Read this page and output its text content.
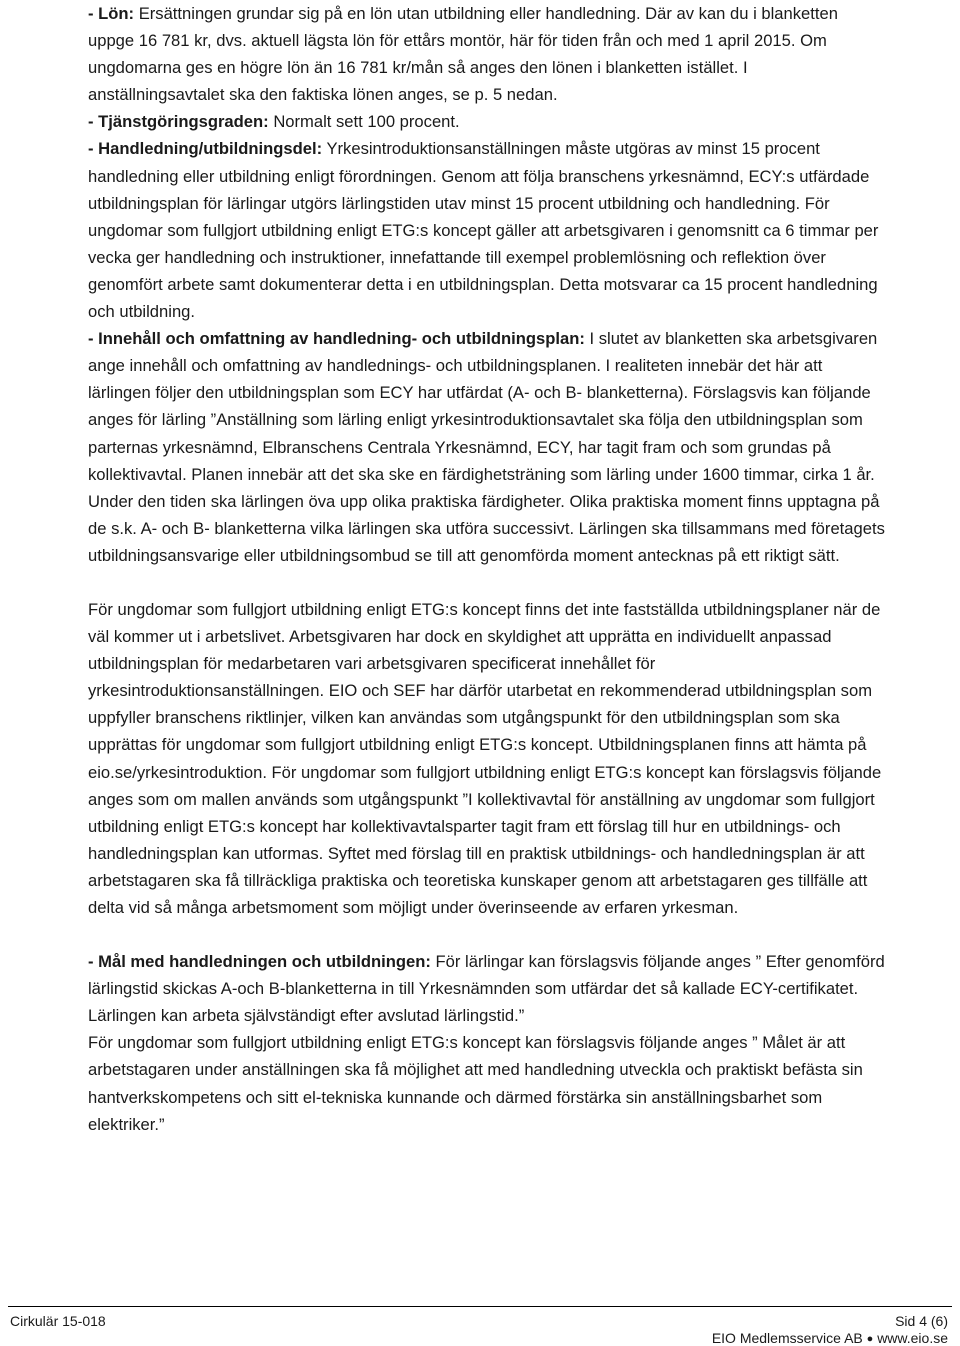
- Lön: Ersättningen grundar sig på en lön utan utbildning eller handledning. Där av kan du i blanketten uppge 16 781 kr, dvs. aktuell lägsta lön för ettårs montör, här för tiden från och med 1 april 2015. Om ungdomarna ges en högre lön än 16 781 kr/mån så anges den lönen i blanketten istället. I anställningsavtalet ska den faktiska lönen anges, se p. 5 nedan.

- Tjänstgöringsgraden: Normalt sett 100 procent.

- Handledning/utbildningsdel: Yrkesintroduktionsanställningen måste utgöras av minst 15 procent handledning eller utbildning enligt förordningen. Genom att följa branschens yrkesnämnd, ECY:s utfärdade utbildningsplan för lärlingar utgörs lärlingstiden utav minst 15 procent utbildning och handledning. För ungdomar som fullgjort utbildning enligt ETG:s koncept gäller att arbetsgivaren i genomsnitt ca 6 timmar per vecka ger handledning och instruktioner, innefattande till exempel problemlösning och reflektion över genomfört arbete samt dokumenterar detta i en utbildningsplan. Detta motsvarar ca 15 procent handledning och utbildning.

- Innehåll och omfattning av handledning- och utbildningsplan: I slutet av blanketten ska arbetsgivaren ange innehåll och omfattning av handlednings- och utbildningsplanen. I realiteten innebär det här att lärlingen följer den utbildningsplan som ECY har utfärdat (A- och B- blanketterna). Förslagsvis kan följande anges för lärling ”Anställning som lärling enligt yrkesintroduktionsavtalet ska följa den utbildningsplan som parternas yrkesnämnd, Elbranschens Centrala Yrkesnämnd, ECY, har tagit fram och som grundas på kollektivavtal. Planen innebär att det ska ske en färdighetsträning som lärling under 1600 timmar, cirka 1 år. Under den tiden ska lärlingen öva upp olika praktiska färdigheter. Olika praktiska moment finns upptagna på de s.k. A- och B- blanketterna vilka lärlingen ska utföra successivt. Lärlingen ska tillsammans med företagets utbildningsansvarige eller utbildningsombud se till att genomförda moment antecknas på ett riktigt sätt.

För ungdomar som fullgjort utbildning enligt ETG:s koncept finns det inte fastställda utbildningsplaner när de väl kommer ut i arbetslivet. Arbetsgivaren har dock en skyldighet att upprätta en individuellt anpassad utbildningsplan för medarbetaren vari arbetsgivaren specificerat innehållet för yrkesintroduktionsanställningen. EIO och SEF har därför utarbetat en rekommenderad utbildningsplan som uppfyller branschens riktlinjer, vilken kan användas som utgångspunkt för den utbildningsplan som ska upprättas för ungdomar som fullgjort utbildning enligt ETG:s koncept. Utbildningsplanen finns att hämta på eio.se/yrkesintroduktion. För ungdomar som fullgjort utbildning enligt ETG:s koncept kan förslagsvis följande anges som om mallen används som utgångspunkt ”I kollektivavtal för anställning av ungdomar som fullgjort utbildning enligt ETG:s koncept har kollektivavtalsparter tagit fram ett förslag till hur en utbildnings- och handledningsplan kan utformas. Syftet med förslag till en praktisk utbildnings- och handledningsplan är att arbetstagaren ska få tillräckliga praktiska och teoretiska kunskaper genom att arbetstagaren ges tillfälle att delta vid så många arbetsmoment som möjligt under överinseende av erfaren yrkesman.

- Mål med handledningen och utbildningen: För lärlingar kan förslagsvis följande anges ” Efter genomförd lärlingstid skickas A-och B-blanketterna in till Yrkesnämnden som utfärdar det så kallade ECY-certifikatet. Lärlingen kan arbeta självständigt efter avslutad lärlingstid.”

För ungdomar som fullgjort utbildning enligt ETG:s koncept kan förslagsvis följande anges ” Målet är att arbetstagaren under anställningen ska få möjlighet att med handledning utveckla och praktiskt befästa sin hantverkskompetens och sitt el-tekniska kunnande och därmed förstärka sin anställningsbarhet som elektriker.”

Cirkulär 15-018	Sid 4 (6)
EIO Medlemsservice AB ● www.eio.se
